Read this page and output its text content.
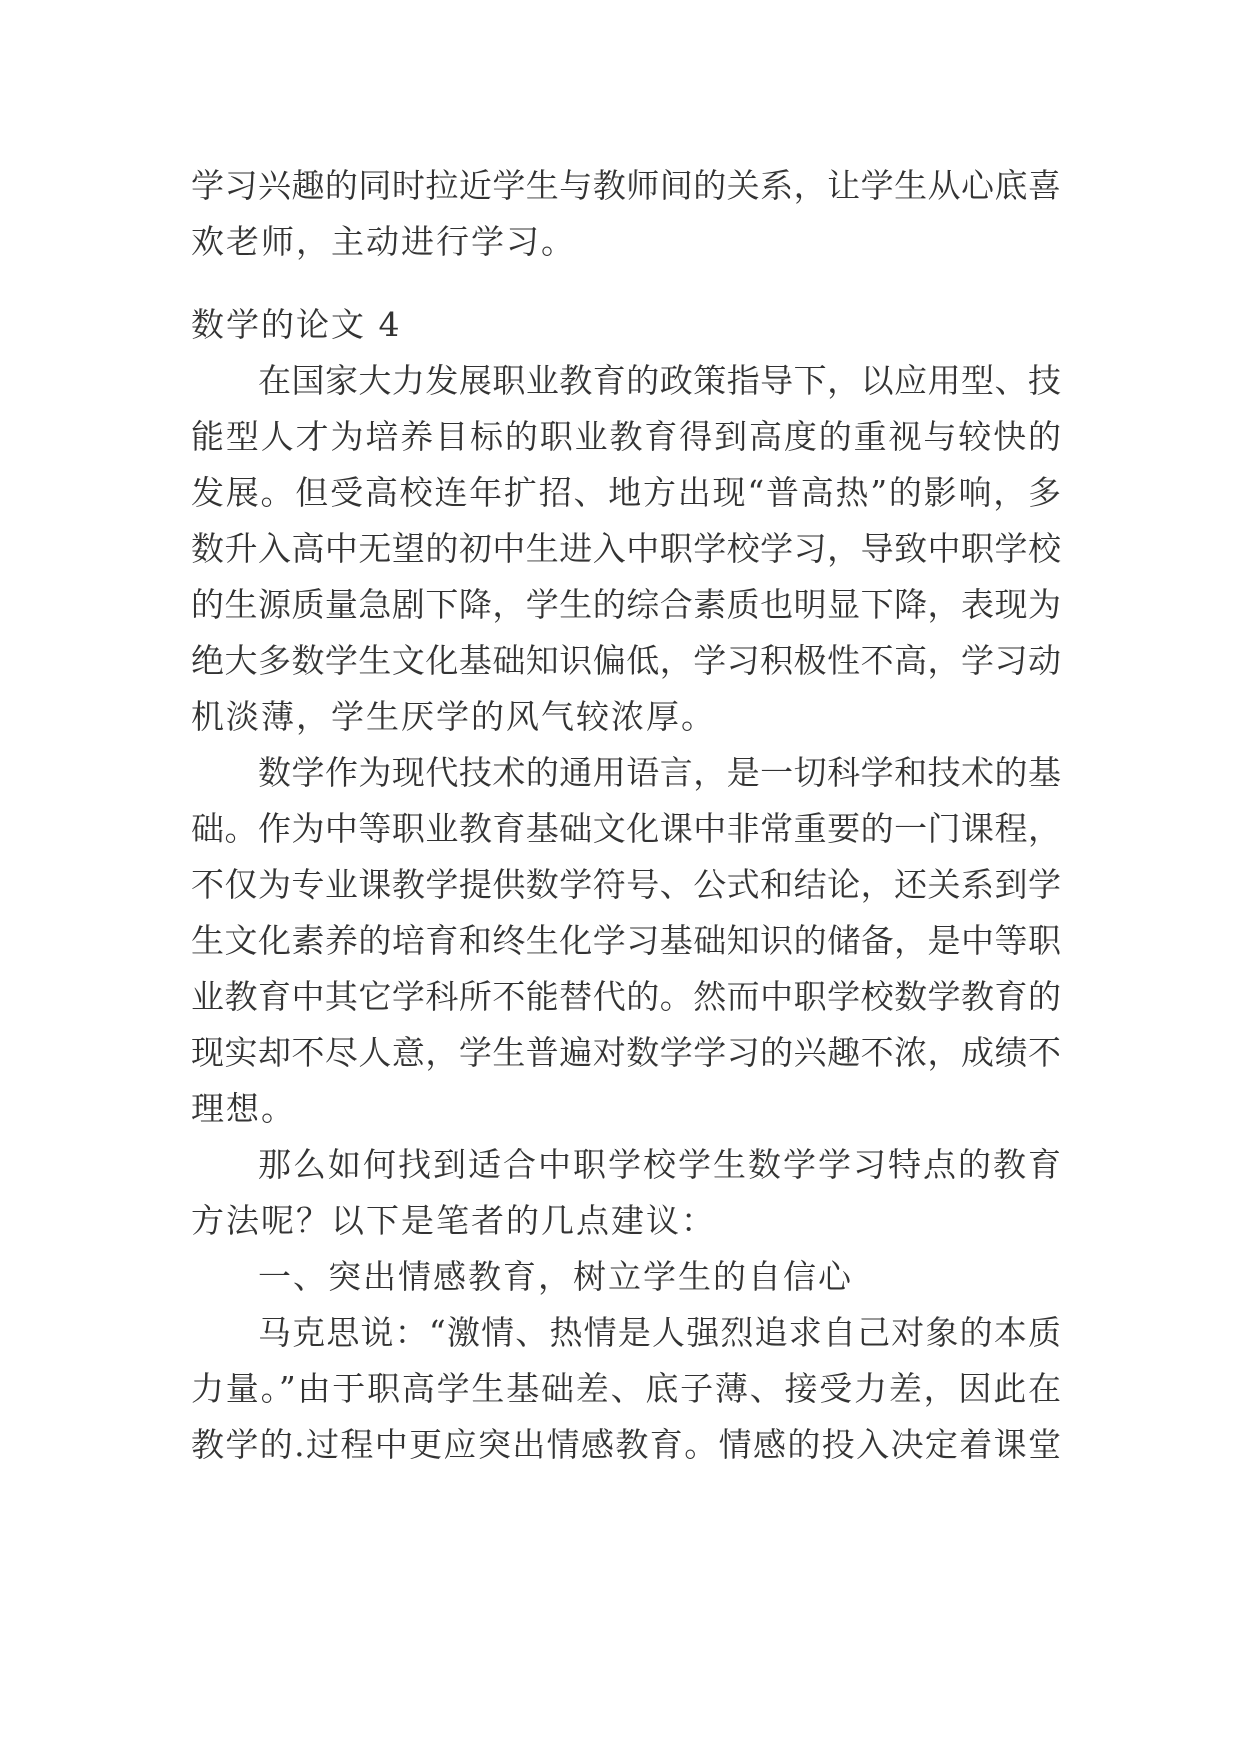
学习兴趣的同时拉近学生与教师间的关系，让学生从心底喜
欢老师，主动进行学习。
数学的论文 4
在国家大力发展职业教育的政策指导下，以应用型、技
能型人才为培养目标的职业教育得到高度的重视与较快的
发展。但受高校连年扩招、地方出现“普高热”的影响，多
数升入高中无望的初中生进入中职学校学习，导致中职学校
的生源质量急剧下降，学生的综合素质也明显下降，表现为
绝大多数学生文化基础知识偏低，学习积极性不高，学习动
机淡薄，学生厌学的风气较浓厚。
数学作为现代技术的通用语言，是一切科学和技术的基
础。作为中等职业教育基础文化课中非常重要的一门课程，
不仅为专业课教学提供数学符号、公式和结论，还关系到学
生文化素养的培育和终生化学习基础知识的储备，是中等职
业教育中其它学科所不能替代的。然而中职学校数学教育的
现实却不尽人意，学生普遍对数学学习的兴趣不浓，成绩不
理想。
那么如何找到适合中职学校学生数学学习特点的教育
方法呢？以下是笔者的几点建议：
一、突出情感教育，树立学生的自信心
马克思说：“激情、热情是人强烈追求自己对象的本质
力量。”由于职高学生基础差、底子薄、接受力差，因此在
教学的.过程中更应突出情感教育。情感的投入决定着课堂
